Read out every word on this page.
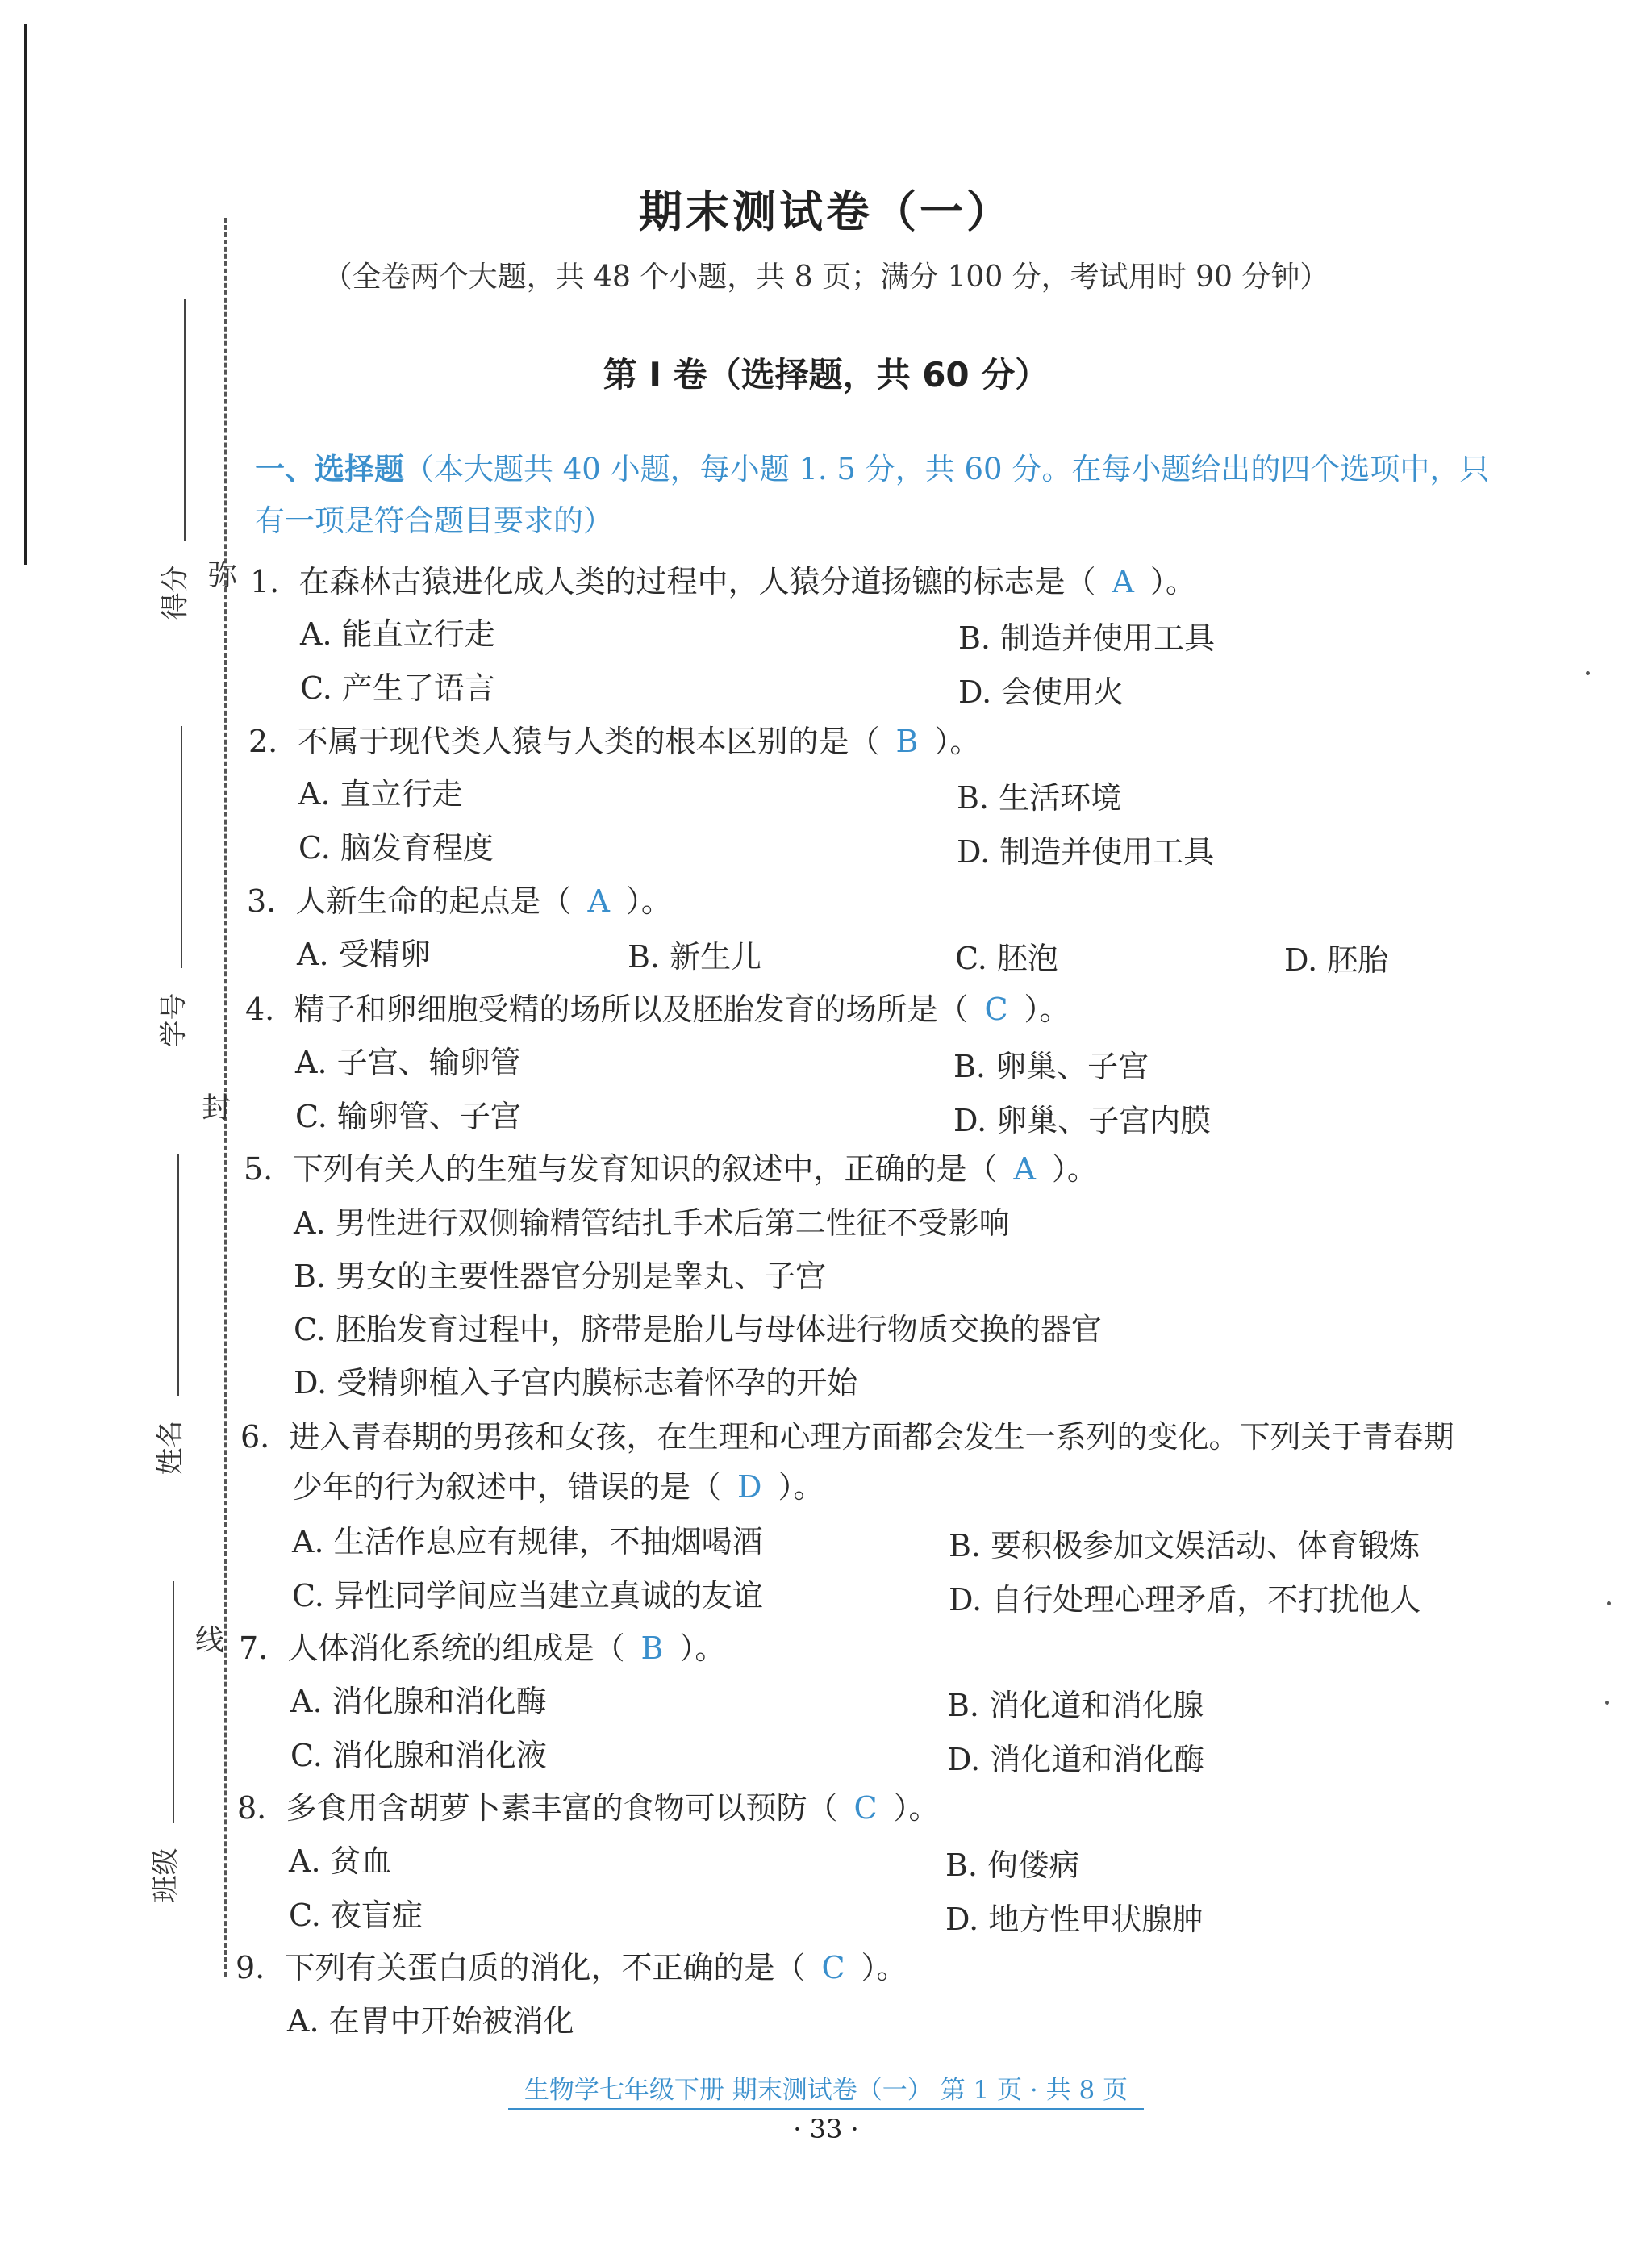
弥
封
线
得分
学号
姓名
班级
期末测试卷（一）
（全卷两个大题，共 48 个小题，共 8 页；满分 100 分，考试用时 90 分钟）
第 I 卷（选择题，共 60 分）
一、选择题（本大题共 40 小题，每小题 1. 5 分，共 60 分。在每小题给出的四个选项中，只
有一项是符合题目要求的）
1. 在森林古猿进化成人类的过程中，人猿分道扬镳的标志是（ A ）。
A. 能直立行走	B. 制造并使用工具
C. 产生了语言	D. 会使用火
2. 不属于现代类人猿与人类的根本区别的是（ B ）。
A. 直立行走	B. 生活环境
C. 脑发育程度	D. 制造并使用工具
3. 人新生命的起点是（ A ）。
A. 受精卵	B. 新生儿	C. 胚泡	D. 胚胎
4. 精子和卵细胞受精的场所以及胚胎发育的场所是（ C ）。
A. 子宫、输卵管	B. 卵巢、子宫
C. 输卵管、子宫	D. 卵巢、子宫内膜
5. 下列有关人的生殖与发育知识的叙述中，正确的是（ A ）。
A. 男性进行双侧输精管结扎手术后第二性征不受影响
B. 男女的主要性器官分别是睾丸、子宫
C. 胚胎发育过程中，脐带是胎儿与母体进行物质交换的器官
D. 受精卵植入子宫内膜标志着怀孕的开始
6. 进入青春期的男孩和女孩，在生理和心理方面都会发生一系列的变化。下列关于青春期
少年的行为叙述中，错误的是（ D ）。
A. 生活作息应有规律，不抽烟喝酒	B. 要积极参加文娱活动、体育锻炼
C. 异性同学间应当建立真诚的友谊	D. 自行处理心理矛盾，不打扰他人
7. 人体消化系统的组成是（ B ）。
A. 消化腺和消化酶	B. 消化道和消化腺
C. 消化腺和消化液	D. 消化道和消化酶
8. 多食用含胡萝卜素丰富的食物可以预防（ C ）。
A. 贫血	B. 佝偻病
C. 夜盲症	D. 地方性甲状腺肿
9. 下列有关蛋白质的消化，不正确的是（ C ）。
A. 在胃中开始被消化
生物学七年级下册 期末测试卷（一） 第 1 页 · 共 8 页
· 33 ·
